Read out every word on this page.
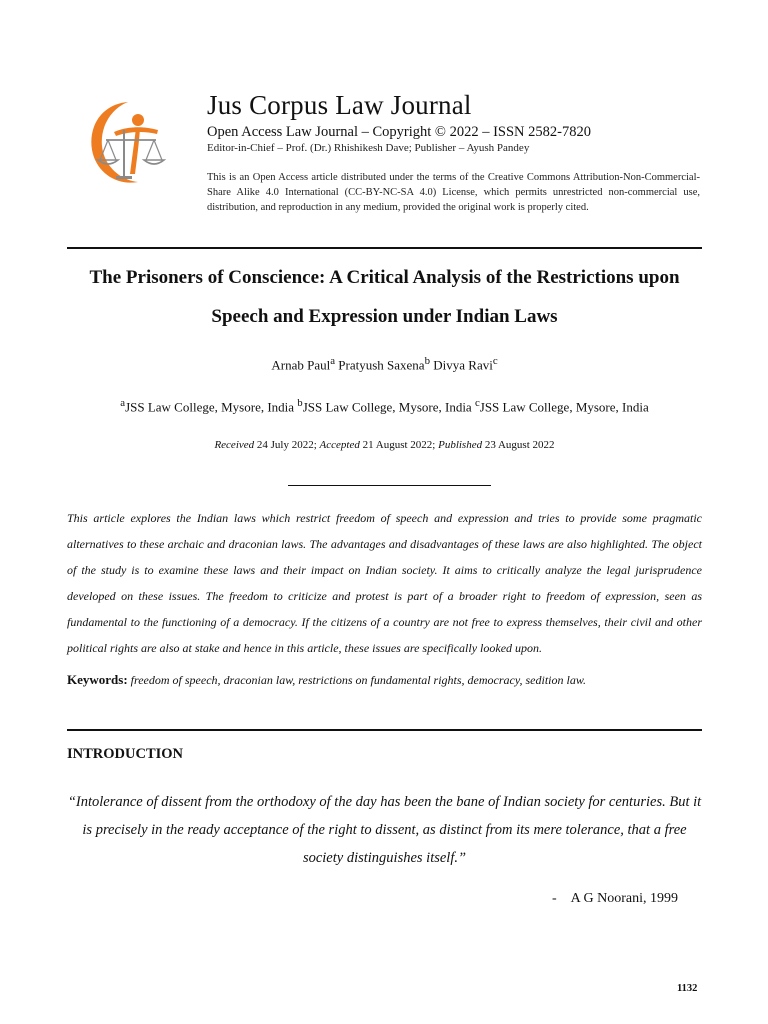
Jus Corpus Law Journal
Open Access Law Journal – Copyright © 2022 – ISSN 2582-7820
Editor-in-Chief – Prof. (Dr.) Rhishikesh Dave; Publisher – Ayush Pandey
This is an Open Access article distributed under the terms of the Creative Commons Attribution-Non-Commercial-Share Alike 4.0 International (CC-BY-NC-SA 4.0) License, which permits unrestricted non-commercial use, distribution, and reproduction in any medium, provided the original work is properly cited.
The Prisoners of Conscience: A Critical Analysis of the Restrictions upon Speech and Expression under Indian Laws
Arnab Paul$^a$ Pratyush Saxena$^b$ Divya Ravi$^c$
$^a$JSS Law College, Mysore, India $^b$JSS Law College, Mysore, India $^c$JSS Law College, Mysore, India
Received 24 July 2022; Accepted 21 August 2022; Published 23 August 2022
This article explores the Indian laws which restrict freedom of speech and expression and tries to provide some pragmatic alternatives to these archaic and draconian laws. The advantages and disadvantages of these laws are also highlighted. The object of the study is to examine these laws and their impact on Indian society. It aims to critically analyze the legal jurisprudence developed on these issues. The freedom to criticize and protest is part of a broader right to freedom of expression, seen as fundamental to the functioning of a democracy. If the citizens of a country are not free to express themselves, their civil and other political rights are also at stake and hence in this article, these issues are specifically looked upon.
Keywords: freedom of speech, draconian law, restrictions on fundamental rights, democracy, sedition law.
INTRODUCTION
“Intolerance of dissent from the orthodoxy of the day has been the bane of Indian society for centuries. But it is precisely in the ready acceptance of the right to dissent, as distinct from its mere tolerance, that a free society distinguishes itself.”
- A G Noorani, 1999
1132
